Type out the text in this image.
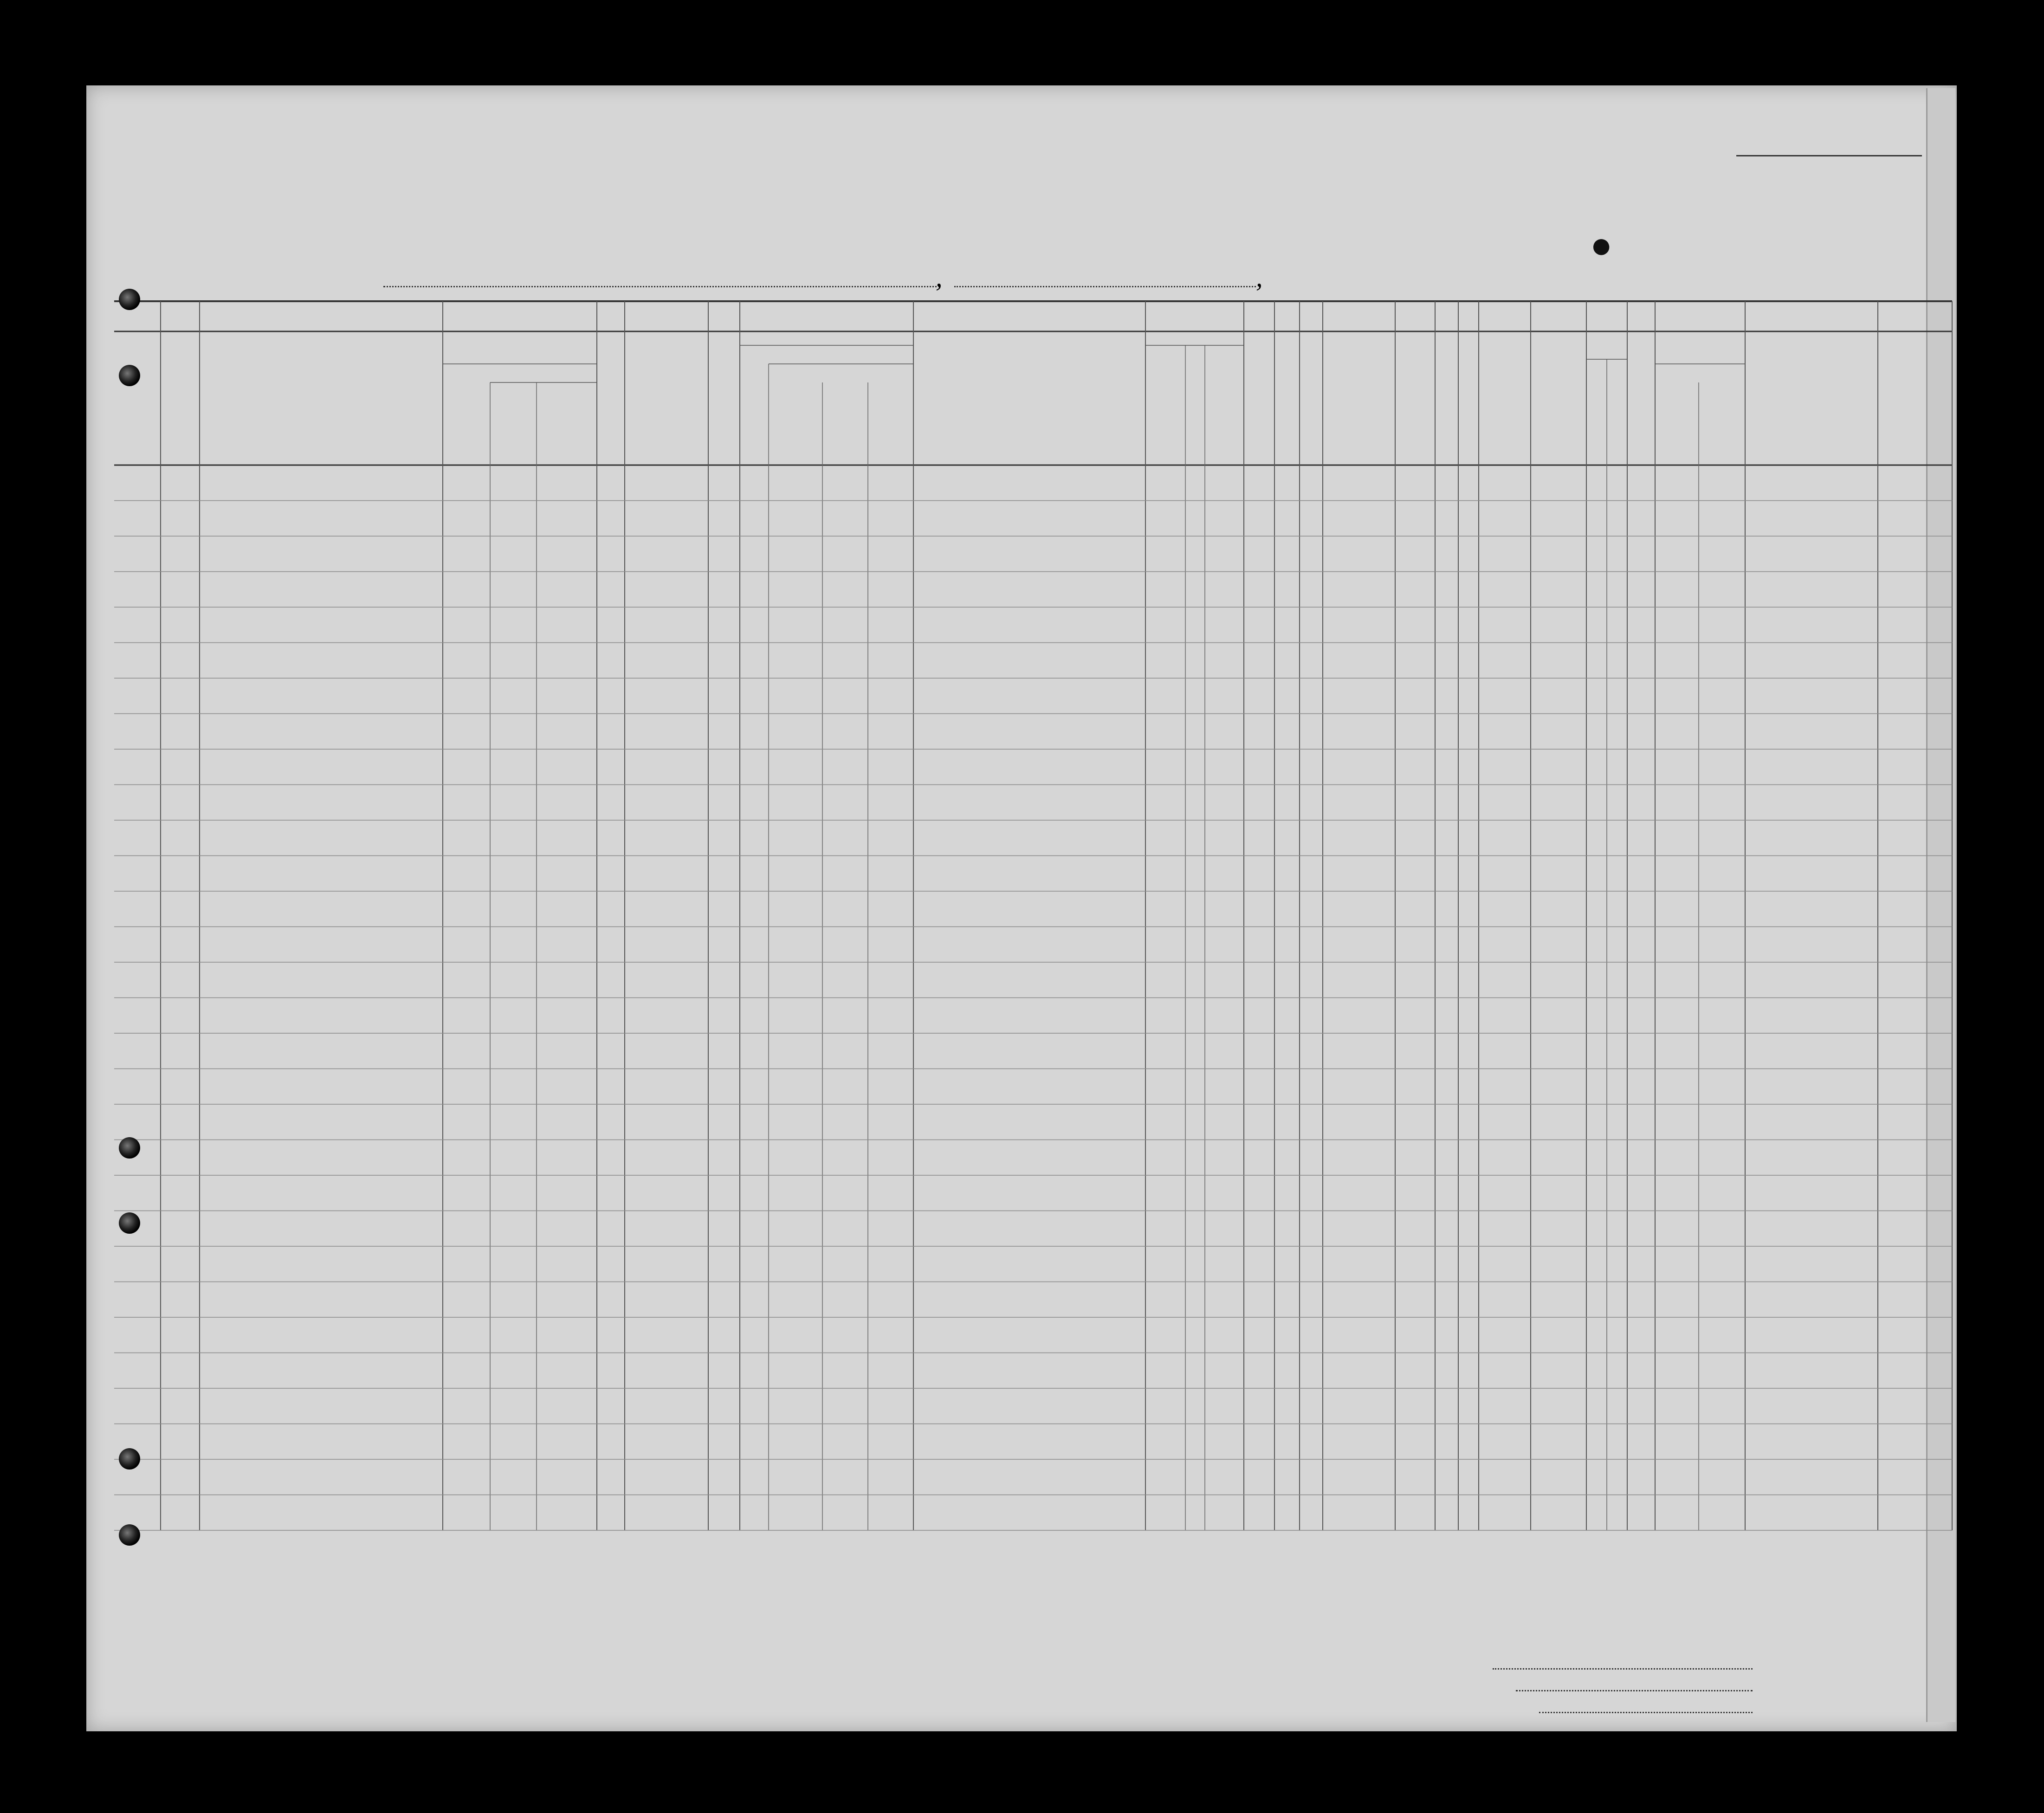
●
,	,
